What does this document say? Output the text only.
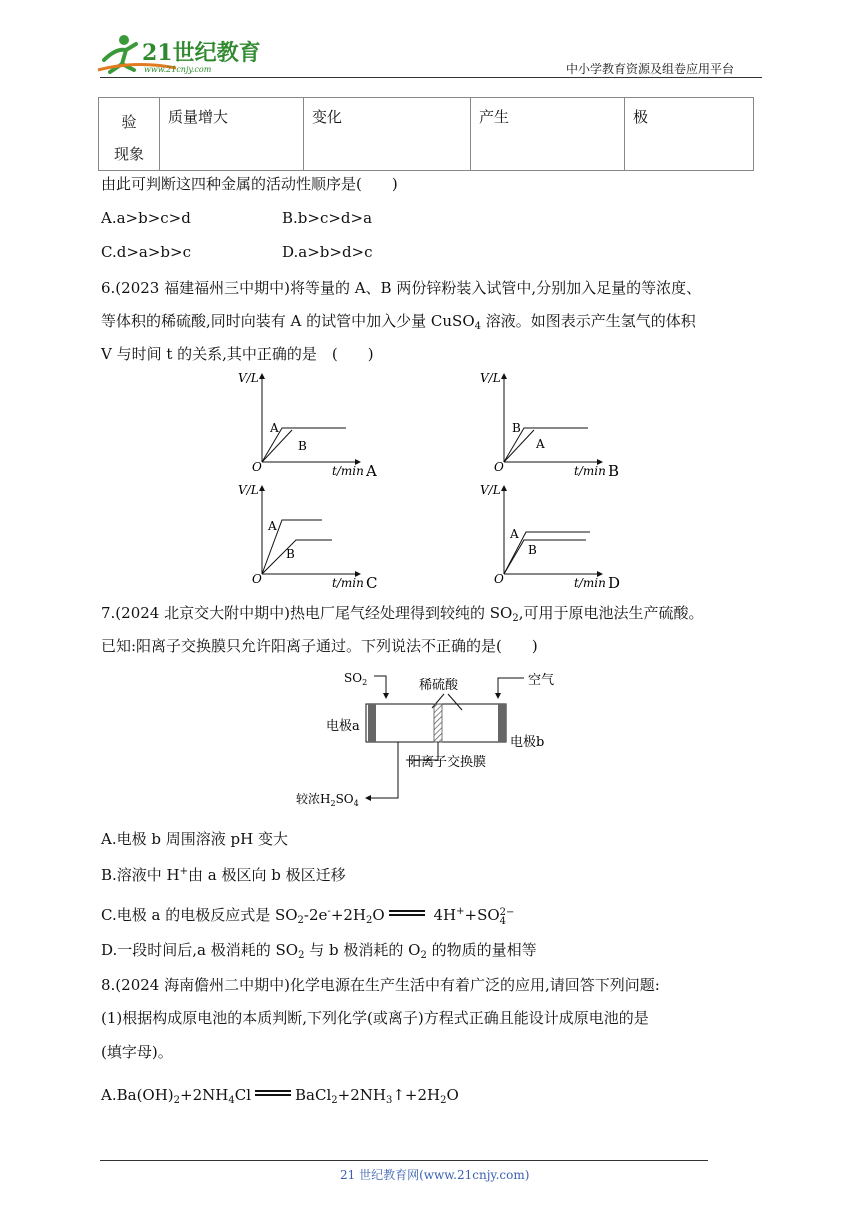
21世纪教育
www.21cnjy.com	中小学教育资源及组卷应用平台
验
现象

质量增大	变化	产生	极
由此可判断这四种金属的活动性顺序是(　　)
A.a>b>c>d	B.b>c>d>a
C.d>a>b>c	D.a>b>d>c
6.(2023 福建福州三中期中)将等量的 A、B 两份锌粉装入试管中,分别加入足量的等浓度、
等体积的稀硫酸,同时向装有 A 的试管中加入少量 CuSO$_4$ 溶液。如图表示产生氢气的体积
V 与时间 t 的关系,其中正确的是　(　　)
V/L
O
A
B
t/min A
V/L
O
B
A
t/min B
V/L
O
A
B
t/min C
V/L
O
A
B
t/min D
7.(2024 北京交大附中期中)热电厂尾气经处理得到较纯的 $SO_2$,可用于原电池法生产硫酸。
已知:阳离子交换膜只允许阳离子通过。下列说法不正确的是(　　)
$SO_2$	稀硫酸	空气
电极a
电极b
阳离子交换膜
较浓$H_2SO_4$
A.电极 b 周围溶液 pH 变大
B.溶液中 H+由 a 极区向 b 极区迁移
C.电极 a 的电极反应式是 $SO_2-2e^-+2H_2O$	4H++SO 2−
4
D.一段时间后,a 极消耗的 $SO_2$ 与 b 极消耗的 $O_2$ 的物质的量相等
8.(2024 海南儋州二中期中)化学电源在生产生活中有着广泛的应用,请回答下列问题:
(1)根据构成原电池的本质判断,下列化学(或离子)方程式正确且能设计成原电池的是
(填字母)。
$A.Ba(OH)_2+2NH_4Cl$	$BaCl_2+2NH_3↑+2H_2O$
21 世纪教育网(www.21cnjy.com)
